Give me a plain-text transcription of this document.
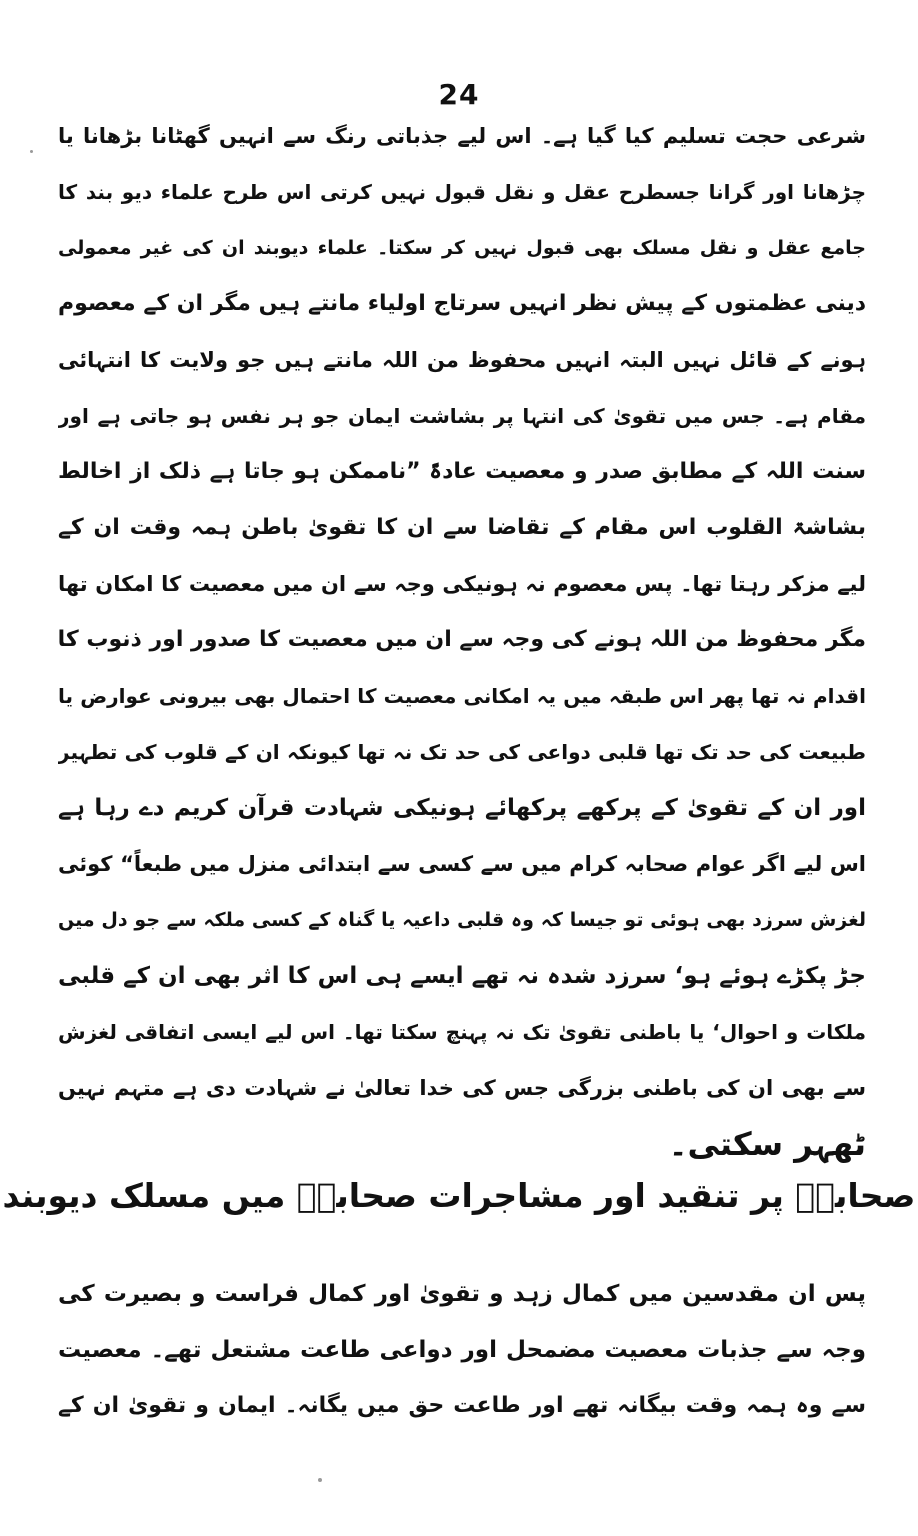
24
شرعی حجت تسلیم کیا گیا ہے۔ اس لیے جذباتی رنگ سے انہیں گھٹانا بڑھانا یا
چڑھانا اور گرانا جسطرح عقل و نقل قبول نہیں کرتی اس طرح علماء دیو بند کا
جامع عقل و نقل مسلک بھی قبول نہیں کر سکتا۔ علماء دیوبند ان کی غیر معمولی
دینی عظمتوں کے پیش نظر انہیں سرتاج اولیاء مانتے ہیں مگر ان کے معصوم
ہونے کے قائل نہیں البتہ انہیں محفوظ من اللہ مانتے ہیں جو ولایت کا انتہائی
مقام ہے۔ جس میں تقویٰ کی انتہا پر بشاشت ایمان جو ہر نفس ہو جاتی ہے اور
سنت اللہ کے مطابق صدر و معصیت عادۃً ”ناممکن ہو جاتا ہے ذلک از اخالط
بشاشۃ القلوب اس مقام کے تقاضا سے ان کا تقویٰ باطن ہمہ وقت ان کے
لیے مزکر رہتا تھا۔ پس معصوم نہ ہونیکی وجہ سے ان میں معصیت کا امکان تھا
مگر محفوظ من اللہ ہونے کی وجہ سے ان میں معصیت کا صدور اور ذنوب کا
اقدام نہ تھا پھر اس طبقہ میں یہ امکانی معصیت کا احتمال بھی بیرونی عوارض یا
طبیعت کی حد تک تھا قلبی دواعی کی حد تک نہ تھا کیونکہ ان کے قلوب کی تطہیر
اور ان کے تقویٰ کے پرکھے پرکھائے ہونیکی شہادت قرآن کریم دے رہا ہے
اس لیے اگر عوام صحابہ کرام میں سے کسی سے ابتدائی منزل میں طبعاً“ کوئی
لغزش سرزد بھی ہوئی تو جیسا کہ وہ قلبی داعیہ یا گناہ کے کسی ملکہ سے جو دل میں
جڑ پکڑے ہوئے ہو‘ سرزد شدہ نہ تھے ایسے ہی اس کا اثر بھی ان کے قلبی
ملکات و احوال‘ یا باطنی تقویٰ تک نہ پہنچ سکتا تھا۔ اس لیے ایسی اتفاقی لغزش
سے بھی ان کی باطنی بزرگی جس کی خدا تعالیٰ نے شہادت دی ہے متہم نہیں
ٹھہر سکتی۔
صحابہؓ پر تنقید اور مشاجرات صحابہؓ میں مسلک دیوبند
پس ان مقدسین میں کمال زہد و تقویٰ اور کمال فراست و بصیرت کی
وجہ سے جذبات معصیت مضمحل اور دواعی طاعت مشتعل تھے۔ معصیت
سے وہ ہمہ وقت بیگانہ تھے اور طاعت حق میں یگانہ۔ ایمان و تقویٰ ان کے
